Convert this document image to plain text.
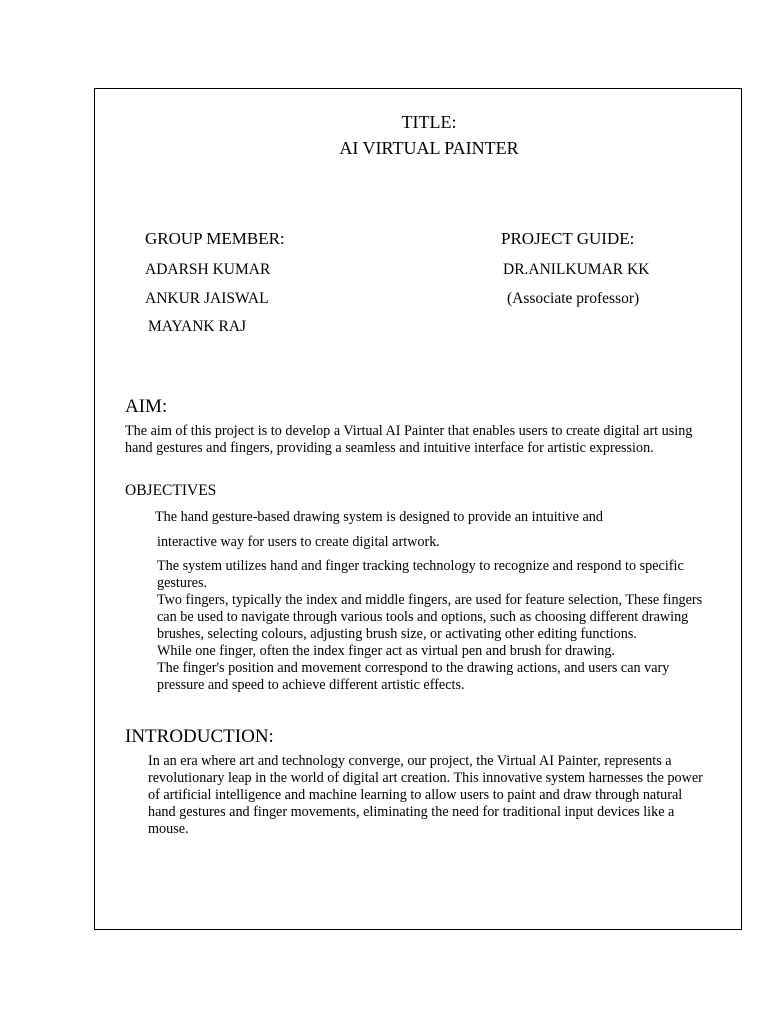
TITLE:
AI VIRTUAL PAINTER
GROUP MEMBER:
ADARSH KUMAR
ANKUR JAISWAL
MAYANK RAJ
PROJECT GUIDE:
DR.ANILKUMAR KK
(Associate professor)
AIM:
The aim of this project is to develop a Virtual AI Painter that enables users to create digital art using hand gestures and fingers, providing a seamless and intuitive interface for artistic expression.
OBJECTIVES
The hand gesture-based drawing system is designed to provide an intuitive and
interactive way for users to create digital artwork.
The system utilizes hand and finger tracking technology to recognize and respond to specific gestures.
Two fingers, typically the index and middle fingers, are used for feature selection, These fingers can be used to navigate through various tools and options, such as choosing different drawing brushes, selecting colours, adjusting brush size, or activating other editing functions.
While one finger, often the index finger act as virtual pen and brush for drawing.
The finger's position and movement correspond to the drawing actions, and users can vary pressure and speed to achieve different artistic effects.
INTRODUCTION:
In an era where art and technology converge, our project, the Virtual AI Painter, represents a revolutionary leap in the world of digital art creation. This innovative system harnesses the power of artificial intelligence and machine learning to allow users to paint and draw through natural hand gestures and finger movements, eliminating the need for traditional input devices like a mouse.
